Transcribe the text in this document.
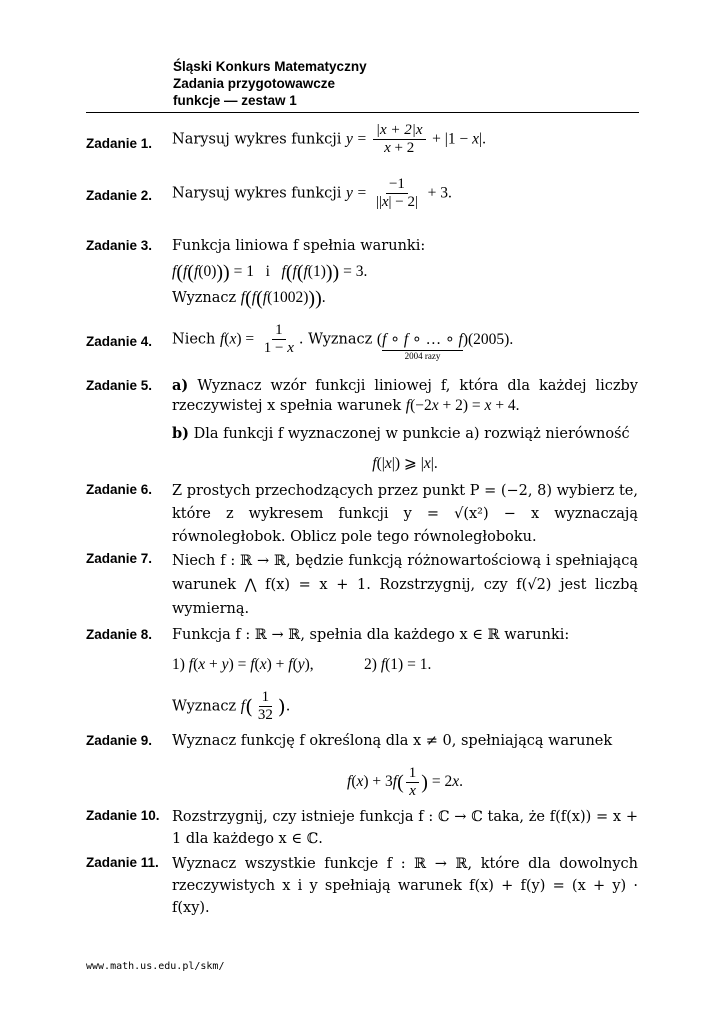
Śląski Konkurs Matematyczny
Zadania przygotowawcze
funkcje — zestaw 1
Zadanie 1. Narysuj wykres funkcji $y = \frac{|x + 2|x}{x + 2} + |1 - x|$.
Zadanie 2. Narysuj wykres funkcji $y = \frac{-1}{||x| - 2|} + 3$.
Zadanie 3. Funkcja liniowa f spełnia warunki:
f(f(f(0))) = 1   i   f(f(f(1))) = 3.
Wyznacz f(f(f(1002))).
Zadanie 4. Niech $f(x) = \frac{1}{1 - x}$ . Wyznacz (f ∘ f ∘ … ∘ f
2004 razy
)(2005).
Zadanie 5. a) Wyznacz wzór funkcji liniowej f, która dla każdej liczby rzeczywistej x spełnia warunek f(−2x + 2) = x + 4.
b) Dla funkcji f wyznaczonej w punkcie a) rozwiąż nierówność
f(|x|) ⩾ |x|.
Zadanie 6. Z prostych przechodzących przez punkt P = (−2, 8) wybierz te, które z wykresem funkcji y = √(x²) − x wyznaczają równoległobok. Oblicz pole tego równoległoboku.
Zadanie 7. Niech f : ℝ → ℝ, będzie funkcją różnowartościową i spełniającą warunek ⋀ f(x) = x + 1. Rozstrzygnij, czy f(√2) jest liczbą wymierną.
Zadanie 8. Funkcja f : ℝ → ℝ, spełnia dla każdego x ∈ ℝ warunki:
1) f(x + y) = f(x) + f(y),             2) f(1) = 1.
Wyznacz $f( \frac{1}{32}$ ).
Zadanie 9. Wyznacz funkcję f określoną dla x ≠ 0, spełniającą warunek
$f(x) + 3f( \frac{1}{x}$ ) = 2x.
Zadanie 10. Rozstrzygnij, czy istnieje funkcja f : ℂ → ℂ taka, że f(f(x)) = x + 1 dla każdego x ∈ ℂ.
Zadanie 11. Wyznacz wszystkie funkcje f : ℝ → ℝ, które dla dowolnych rzeczywistych x i y spełniają warunek f(x) + f(y) = (x + y) · f(xy).
www.math.us.edu.pl/skm/
